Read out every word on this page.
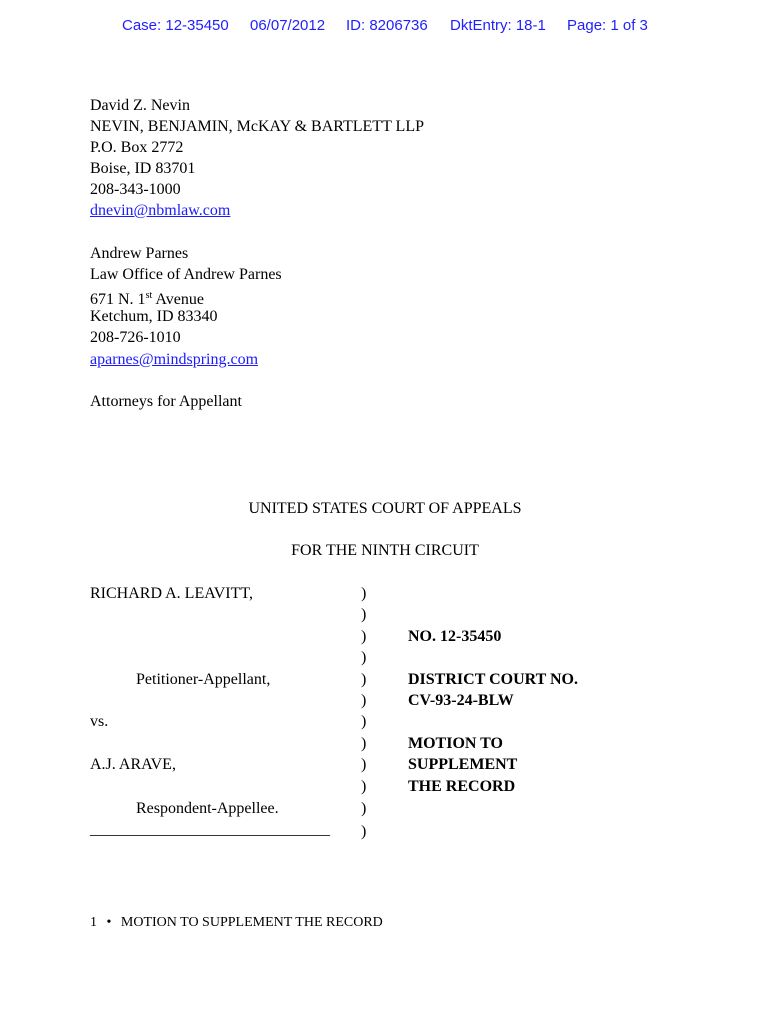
Case: 12-35450 06/07/2012 ID: 8206736 DktEntry: 18-1 Page: 1 of 3
David Z. Nevin
NEVIN, BENJAMIN, McKAY & BARTLETT LLP
P.O. Box 2772
Boise, ID 83701
208-343-1000
dnevin@nbmlaw.com
Andrew Parnes
Law Office of Andrew Parnes
671 N. 1st Avenue
Ketchum, ID 83340
208-726-1010
aparnes@mindspring.com
Attorneys for Appellant
UNITED STATES COURT OF APPEALS
FOR THE NINTH CIRCUIT
RICHARD A. LEAVITT,
Petitioner-Appellant,
vs.
A.J. ARAVE,
Respondent-Appellee.
______________________________
)
)
)
)
)
)
)
)
)
)
)
)
NO. 12-35450
DISTRICT COURT NO.
CV-93-24-BLW
MOTION TO
SUPPLEMENT
THE RECORD
1 • MOTION TO SUPPLEMENT THE RECORD
